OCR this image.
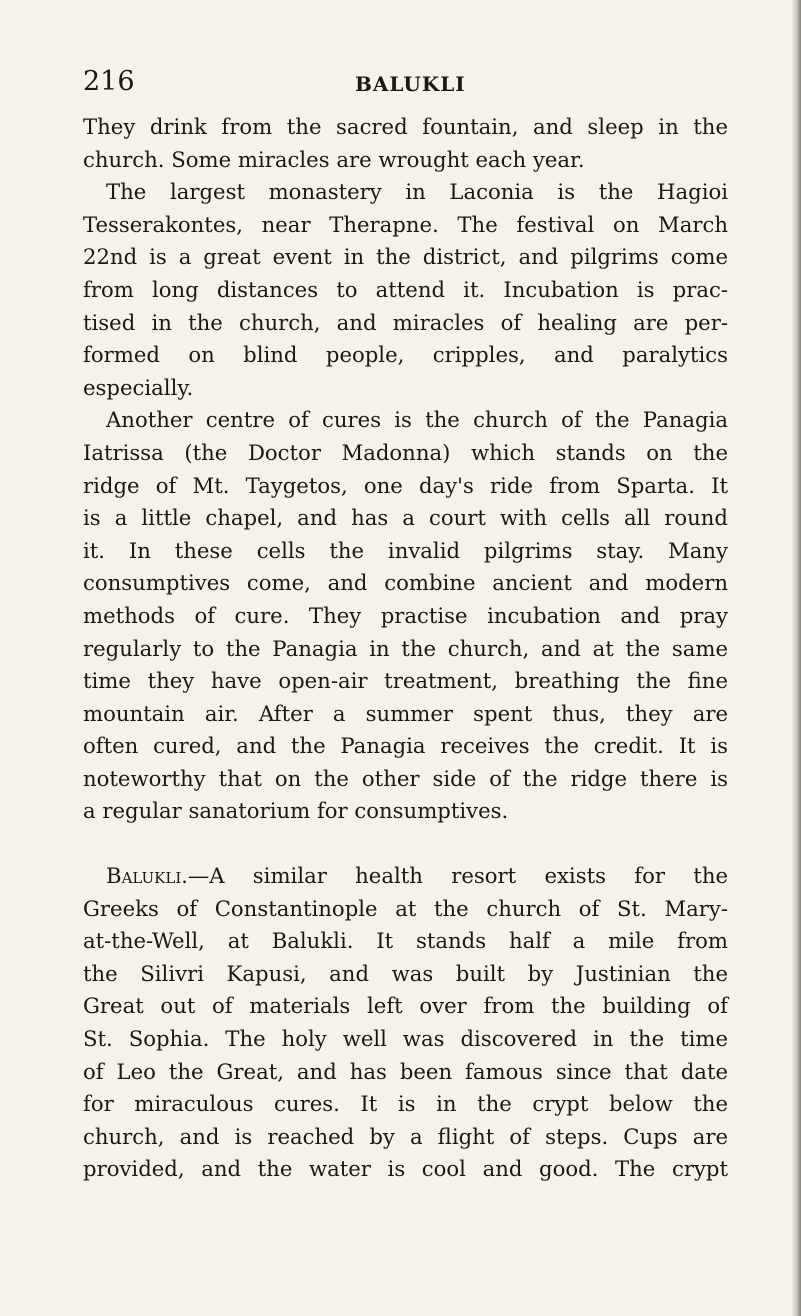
216	BALUKLI
They drink from the sacred fountain, and sleep in the
church. Some miracles are wrought each year.
The largest monastery in Laconia is the Hagioi
Tesserakontes, near Therapne. The festival on March
22nd is a great event in the district, and pilgrims come
from long distances to attend it. Incubation is prac-
tised in the church, and miracles of healing are per-
formed on blind people, cripples, and paralytics
especially.
Another centre of cures is the church of the Panagia
Iatrissa (the Doctor Madonna) which stands on the
ridge of Mt. Taygetos, one day's ride from Sparta. It
is a little chapel, and has a court with cells all round
it. In these cells the invalid pilgrims stay. Many
consumptives come, and combine ancient and modern
methods of cure. They practise incubation and pray
regularly to the Panagia in the church, and at the same
time they have open-air treatment, breathing the fine
mountain air. After a summer spent thus, they are
often cured, and the Panagia receives the credit. It is
noteworthy that on the other side of the ridge there is
a regular sanatorium for consumptives.
Balukli.—A similar health resort exists for the
Greeks of Constantinople at the church of St. Mary-
at-the-Well, at Balukli. It stands half a mile from
the Silivri Kapusi, and was built by Justinian the
Great out of materials left over from the building of
St. Sophia. The holy well was discovered in the time
of Leo the Great, and has been famous since that date
for miraculous cures. It is in the crypt below the
church, and is reached by a flight of steps. Cups are
provided, and the water is cool and good. The crypt
